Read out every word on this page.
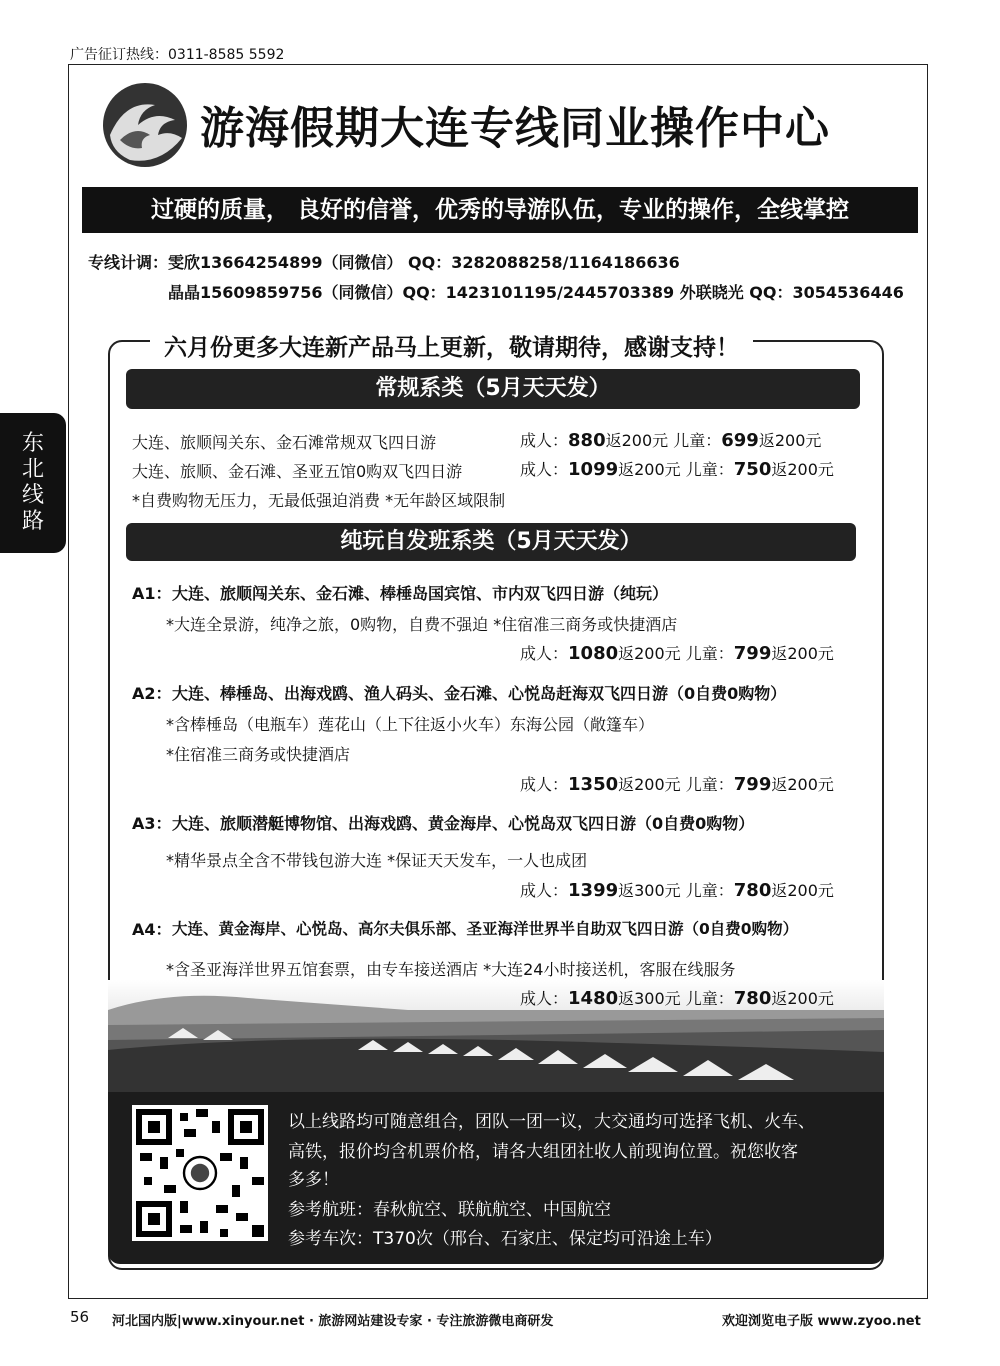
广告征订热线：0311-8585 5592
游海假期大连专线同业操作中心
过硬的质量， 良好的信誉，优秀的导游队伍，专业的操作，全线掌控
专线计调： 雯欣13664254899（同微信） QQ：3282088258/1164186636
晶晶15609859756（同微信）QQ：1423101195/2445703389 外联晓光 QQ：3054536446
东
北
线
路
六月份更多大连新产品马上更新，敬请期待，感谢支持！
常规系类（5月天天发）
大连、旅顺闯关东、金石滩常规双飞四日游	成人：880返200元 儿童：699返200元
大连、旅顺、金石滩、圣亚五馆0购双飞四日游	成人：1099返200元 儿童：750返200元
*自费购物无压力，无最低强迫消费 *无年龄区域限制
纯玩自发班系类（5月天天发）
A1： 大连、旅顺闯关东、金石滩、棒棰岛国宾馆、市内双飞四日游（纯玩）
*大连全景游，纯净之旅，0购物，自费不强迫 *住宿准三商务或快捷酒店
成人：1080返200元 儿童：799返200元
A2： 大连、棒棰岛、出海戏鸥、渔人码头、金石滩、心悦岛赶海双飞四日游（0自费0购物）
*含棒棰岛（电瓶车）莲花山（上下往返小火车）东海公园（敞篷车）
*住宿准三商务或快捷酒店
成人：1350返200元 儿童：799返200元
A3： 大连、旅顺潜艇博物馆、出海戏鸥、黄金海岸、心悦岛双飞四日游（0自费0购物）
*精华景点全含不带钱包游大连 *保证天天发车，一人也成团
成人：1399返300元 儿童：780返200元
A4： 大连、黄金海岸、心悦岛、高尔夫俱乐部、圣亚海洋世界半自助双飞四日游（0自费0购物）
*含圣亚海洋世界五馆套票，由专车接送酒店 *大连24小时接送机，客服在线服务
成人：1480返300元 儿童：780返200元
以上线路均可随意组合，团队一团一议，大交通均可选择飞机、火车、
高铁，报价均含机票价格，请各大组团社收人前现询位置。祝您收客
多多！
参考航班：春秋航空、联航航空、中国航空
参考车次：T370次（邢台、石家庄、保定均可沿途上车）
56 河北国内版|www.xinyour.net · 旅游网站建设专家 · 专注旅游微电商研发	欢迎浏览电子版 www.zyoo.net
